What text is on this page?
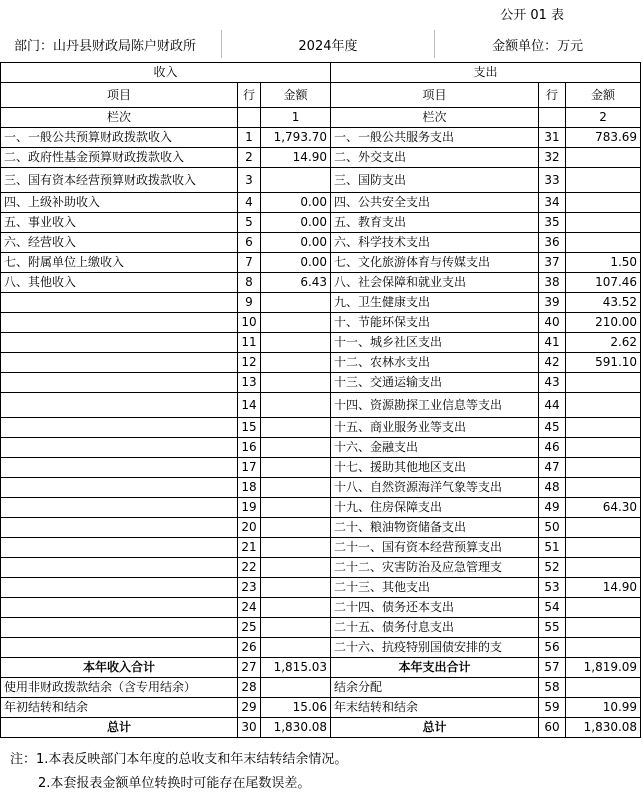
公开 01 表
部门：山丹县财政局陈户财政所	2024年度	金额单位：万元
收入			支出		
项目	行	金额	项目	行	金额
栏次		1	栏次		2
一、一般公共预算财政拨款收入	1	1,793.70	一、一般公共服务支出	31	783.69
二、政府性基金预算财政拨款收入	2	14.90	二、外交支出	32	
三、国有资本经营预算财政拨款收入	3		三、国防支出	33	
四、上级补助收入	4	0.00	四、公共安全支出	34	
五、事业收入	5	0.00	五、教育支出	35	
六、经营收入	6	0.00	六、科学技术支出	36	
七、附属单位上缴收入	7	0.00	七、文化旅游体育与传媒支出	37	1.50
八、其他收入	8	6.43	八、社会保障和就业支出	38	107.46
	9		九、卫生健康支出	39	43.52
	10		十、节能环保支出	40	210.00
	11		十一、城乡社区支出	41	2.62
	12		十二、农林水支出	42	591.10
	13		十三、交通运输支出	43	
	14		十四、资源勘探工业信息等支出	44	
	15		十五、商业服务业等支出	45	
	16		十六、金融支出	46	
	17		十七、援助其他地区支出	47	
	18		十八、自然资源海洋气象等支出	48	
	19		十九、住房保障支出	49	64.30
	20		二十、粮油物资储备支出	50	
	21		二十一、国有资本经营预算支出	51	
	22		二十二、灾害防治及应急管理支	52	
	23		二十三、其他支出	53	14.90
	24		二十四、债务还本支出	54	
	25		二十五、债务付息支出	55	
	26		二十六、抗疫特别国债安排的支	56	
本年收入合计	27	1,815.03	本年支出合计	57	1,819.09
使用非财政拨款结余（含专用结余）	28		结余分配	58	
年初结转和结余	29	15.06	年末结转和结余	59	10.99
总计	30	1,830.08	总计	60	1,830.08
注：1.本表反映部门本年度的总收支和年末结转结余情况。
2.本套报表金额单位转换时可能存在尾数误差。
